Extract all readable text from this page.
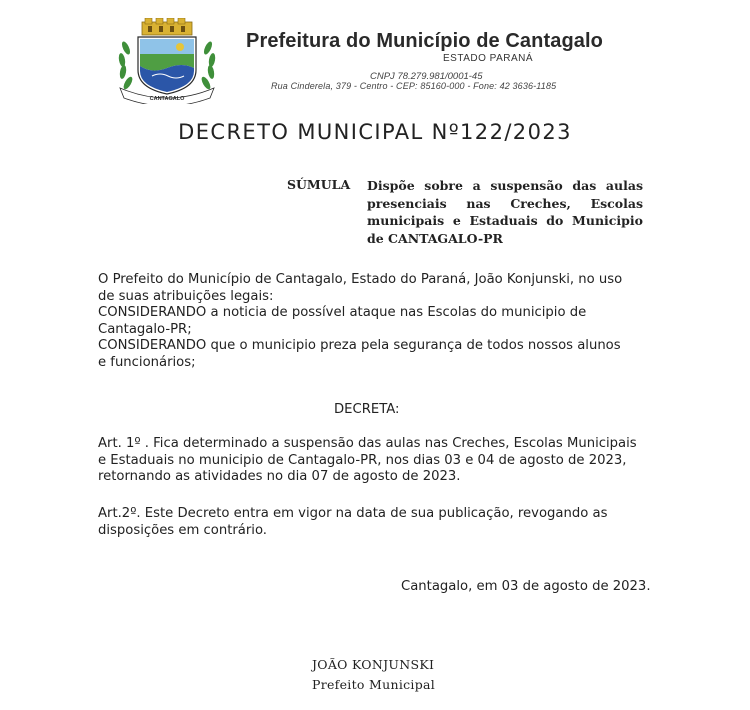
CANTAGALO
Prefeitura do Município de Cantagalo
ESTADO PARANÁ
CNPJ 78.279.981/0001-45
Rua Cinderela, 379 - Centro - CEP: 85160-000 - Fone: 42 3636-1185
DECRETO MUNICIPAL Nº122/2023
SÚMULA Dispõe sobre a suspensão das aulas presenciais nas Creches, Escolas municipais e Estaduais do Municipio de CANTAGALO-PR
O Prefeito do Município de Cantagalo, Estado do Paraná, João Konjunski, no uso
de suas atribuições legais:
CONSIDERANDO a noticia de possível ataque nas Escolas do municipio de
Cantagalo-PR;
CONSIDERANDO que o municipio preza pela segurança de todos nossos alunos
e funcionários;
DECRETA:
Art. 1º . Fica determinado a suspensão das aulas nas Creches, Escolas Municipais
e Estaduais no municipio de Cantagalo-PR, nos dias 03 e 04 de agosto de 2023,
retornando as atividades no dia 07 de agosto de 2023.
Art.2º. Este Decreto entra em vigor na data de sua publicação, revogando as
disposições em contrário.
Cantagalo, em 03 de agosto de 2023.
JOÃO KONJUNSKI
Prefeito Municipal
